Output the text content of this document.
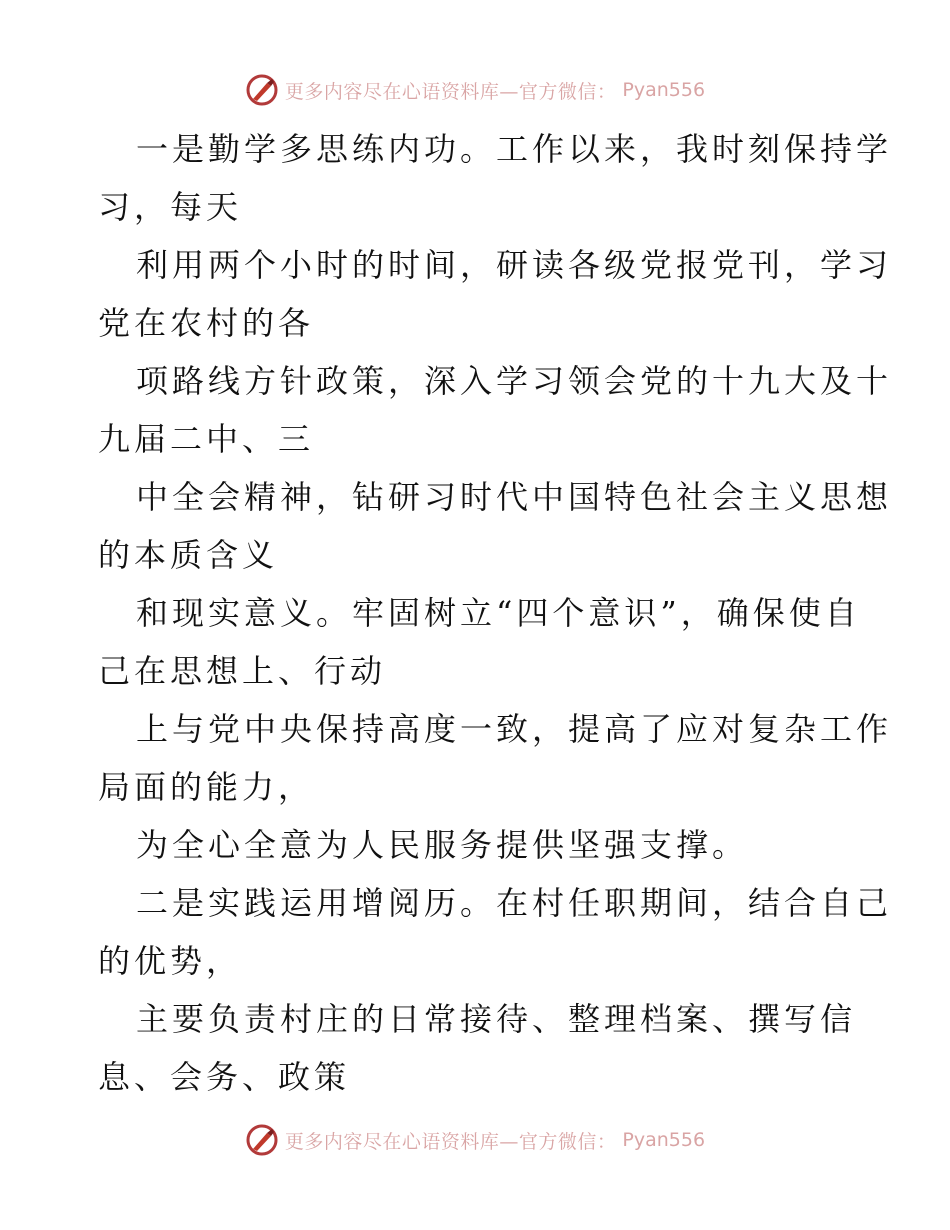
更多内容尽在心语资料库—官方微信： Pyan556
一是勤学多思练内功。工作以来，我时刻保持学
习，每天
利用两个小时的时间，研读各级党报党刊，学习
党在农村的各
项路线方针政策，深入学习领会党的十九大及十
九届二中、三
中全会精神，钻研习时代中国特色社会主义思想
的本质含义
和现实意义。牢固树立“四个意识”，确保使自
己在思想上、行动
上与党中央保持高度一致，提高了应对复杂工作
局面的能力，
为全心全意为人民服务提供坚强支撑。
二是实践运用增阅历。在村任职期间，结合自己
的优势，
主要负责村庄的日常接待、整理档案、撰写信
息、会务、政策
更多内容尽在心语资料库—官方微信： Pyan556
